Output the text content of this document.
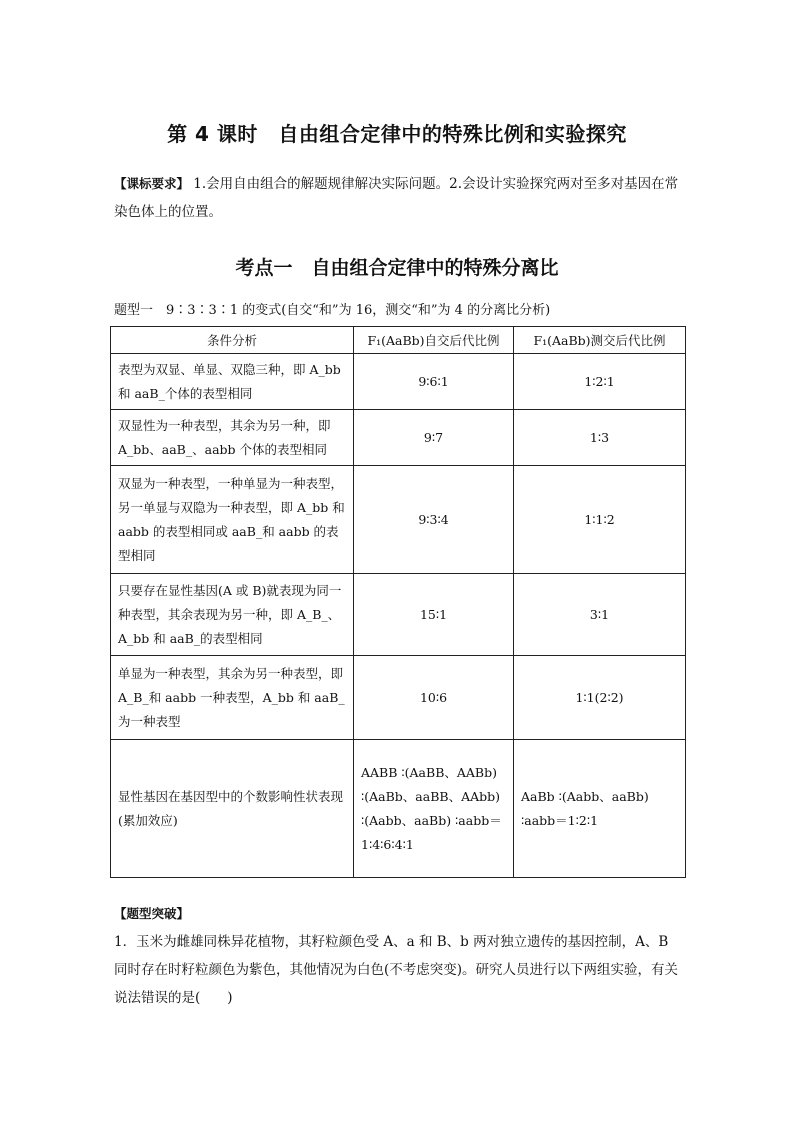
第 4 课时　自由组合定律中的特殊比例和实验探究
【课标要求】 1.会用自由组合的解题规律解决实际问题。2.会设计实验探究两对至多对基因在常染色体上的位置。
考点一　自由组合定律中的特殊分离比
题型一　9∶3∶3∶1 的变式(自交“和”为 16，测交“和”为 4 的分离比分析)
条件分析	F₁(AaBb)自交后代比例	F₁(AaBb)测交后代比例
表型为双显、单显、双隐三种，即 A_bb 和 aaB_个体的表型相同	9∶6∶1	1∶2∶1
双显性为一种表型，其余为另一种，即 A_bb、aaB_、aabb 个体的表型相同	9∶7	1∶3
双显为一种表型，一种单显为一种表型，另一单显与双隐为一种表型，即 A_bb 和 aabb 的表型相同或 aaB_和 aabb 的表型相同	9∶3∶4	1∶1∶2
只要存在显性基因(A 或 B)就表现为同一种表型，其余表现为另一种，即 A_B_、A_bb 和 aaB_的表型相同	15∶1	3∶1
单显为一种表型，其余为另一种表型，即 A_B_和 aabb 一种表型，A_bb 和 aaB_为一种表型	10∶6	1∶1(2∶2)
显性基因在基因型中的个数影响性状表现(累加效应)	AABB ∶(AaBB、AABb) ∶(AaBb、aaBB、AAbb) ∶(Aabb、aaBb) ∶aabb＝1∶4∶6∶4∶1	AaBb ∶(Aabb、aaBb) ∶aabb＝1∶2∶1
【题型突破】
1．玉米为雌雄同株异花植物，其籽粒颜色受 A、a 和 B、b 两对独立遗传的基因控制，A、B 同时存在时籽粒颜色为紫色，其他情况为白色(不考虑突变)。研究人员进行以下两组实验，有关说法错误的是(　　)
